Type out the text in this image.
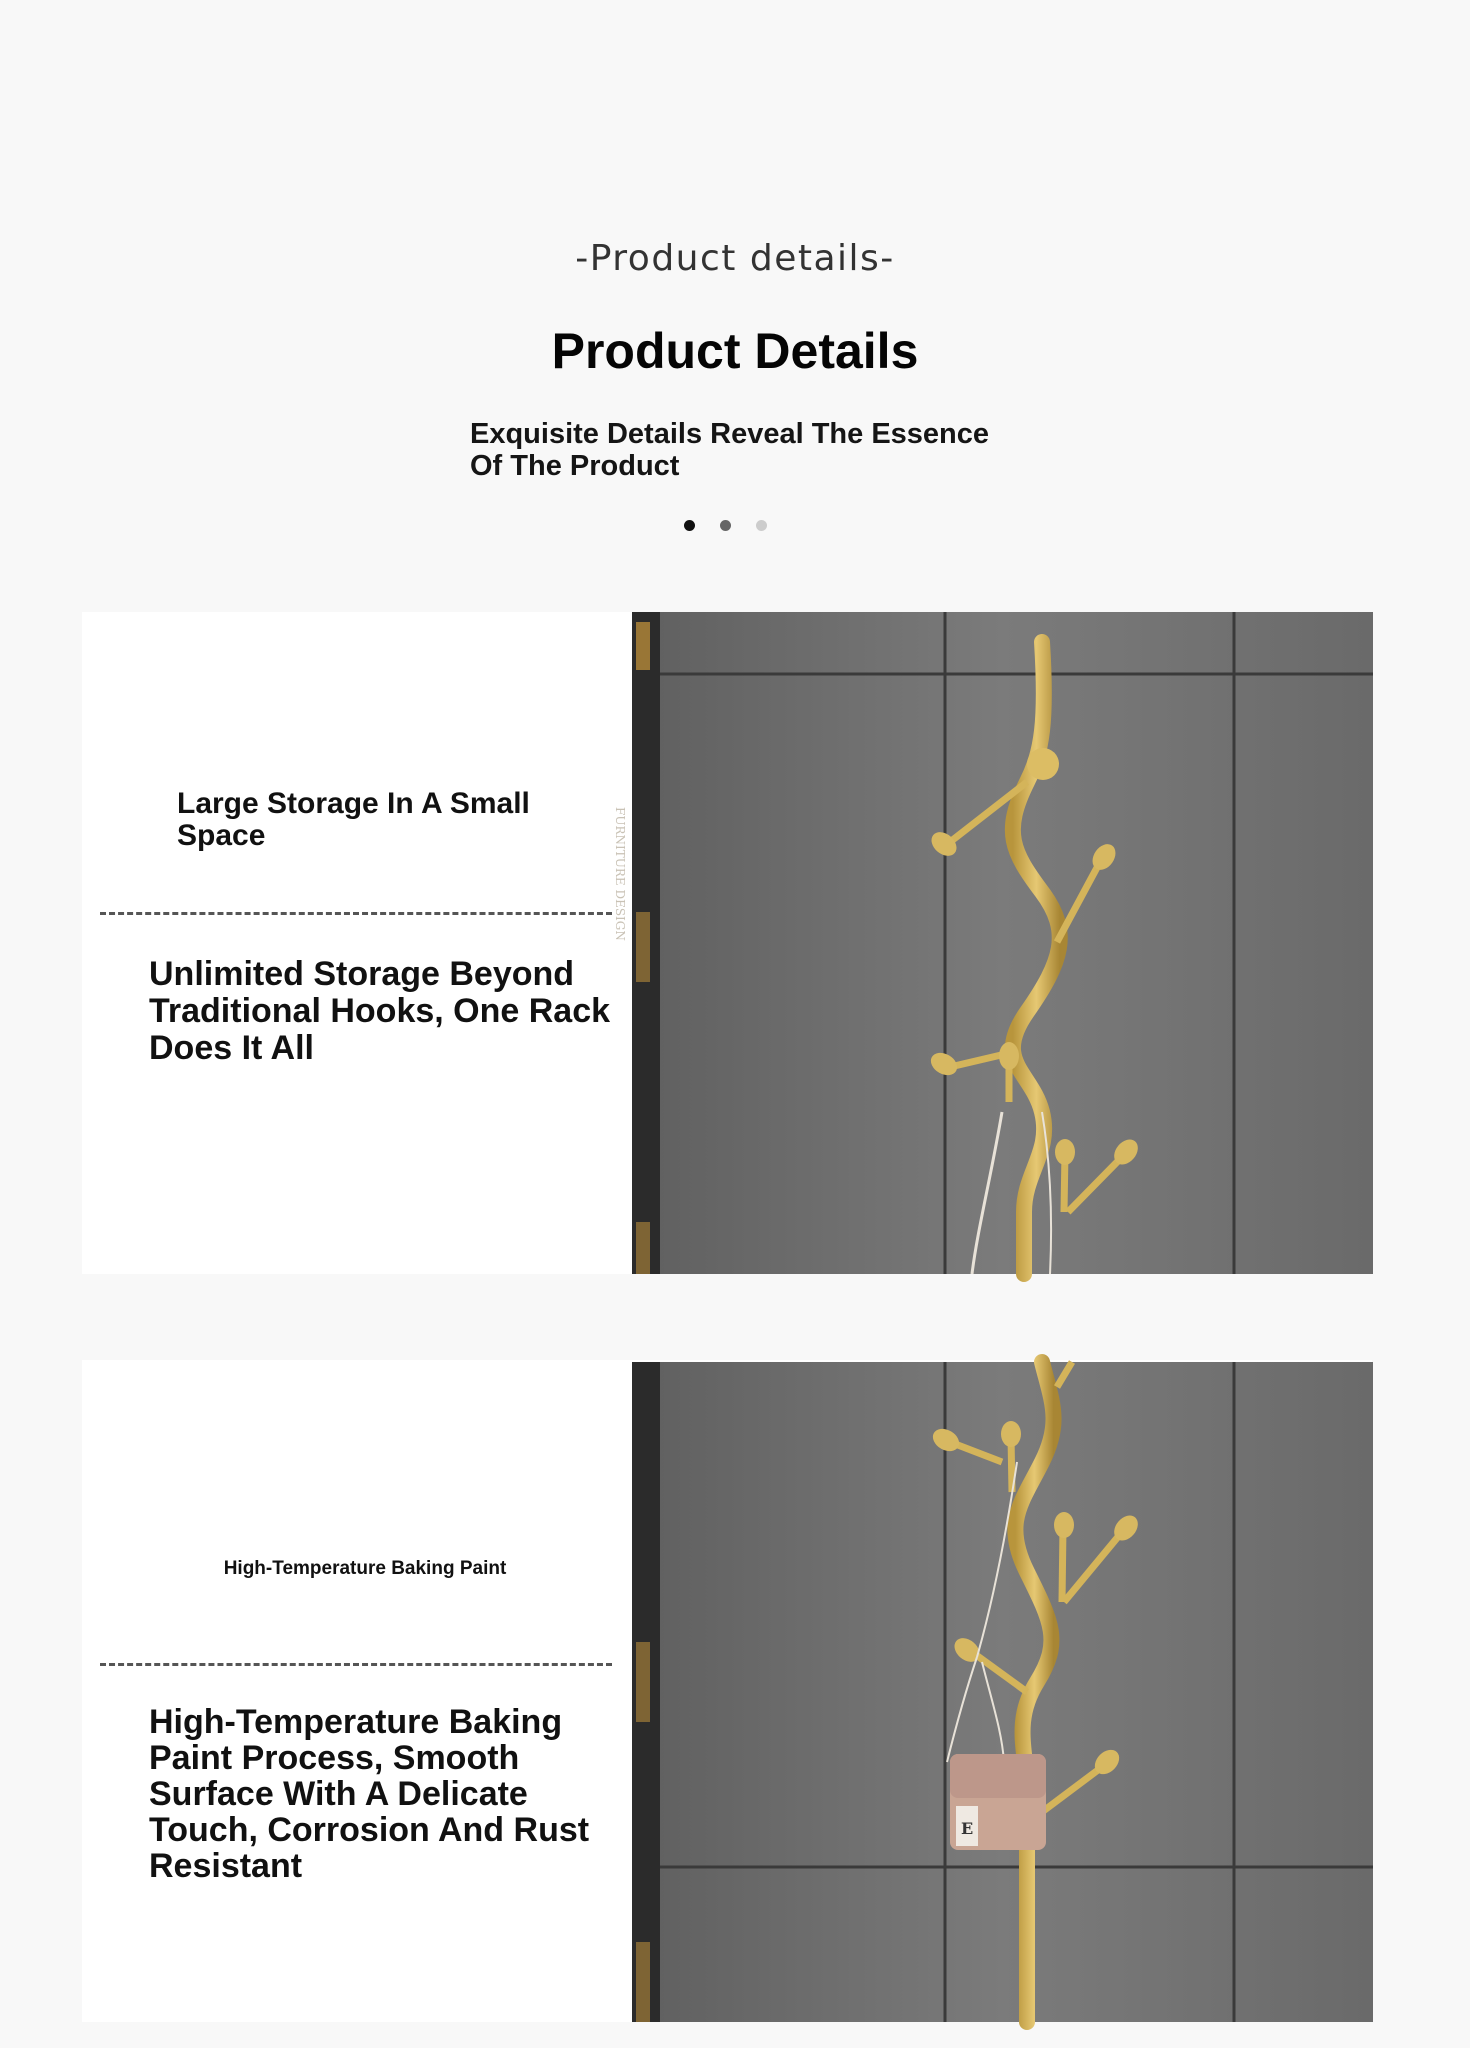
-Product details-
Product Details
Exquisite Details Reveal The Essence Of The Product
Large Storage In A Small Space
Unlimited Storage Beyond Traditional Hooks, One Rack Does It All
High-Temperature Baking Paint
High-Temperature Baking Paint Process, Smooth Surface With A Delicate Touch, Corrosion And Rust Resistant
FURNITURE DESIGN
E
